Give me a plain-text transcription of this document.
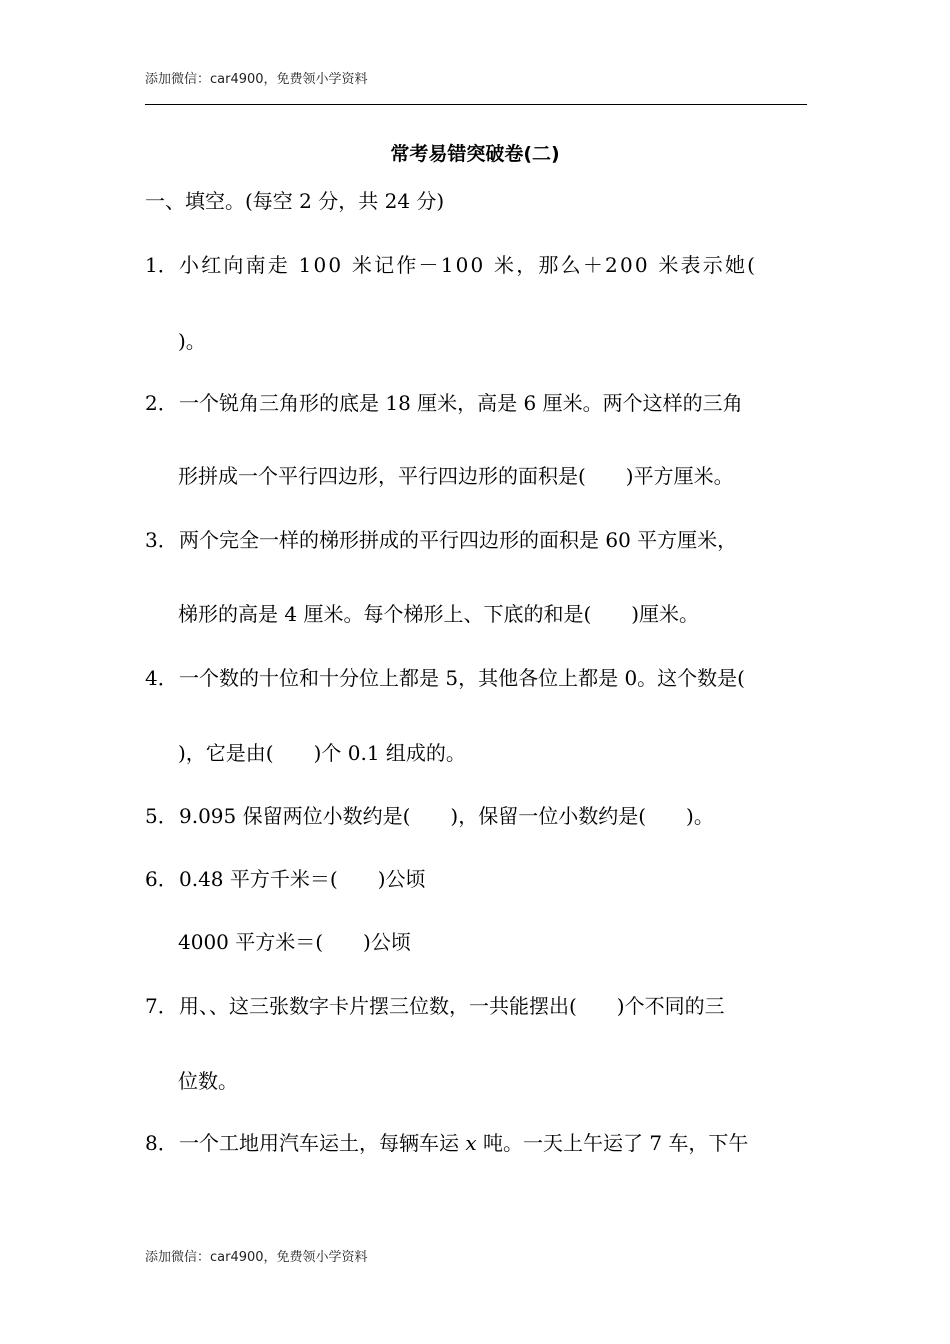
添加微信：car4900，免费领小学资料
常考易错突破卷(二)
一、填空。(每空 2 分，共 24 分)
1．小红向南走 100 米记作－100 米，那么＋200 米表示她(
)。
2．一个锐角三角形的底是 18 厘米，高是 6 厘米。两个这样的三角
形拼成一个平行四边形，平行四边形的面积是(　　)平方厘米。
3．两个完全一样的梯形拼成的平行四边形的面积是 60 平方厘米，
梯形的高是 4 厘米。每个梯形上、下底的和是(　　)厘米。
4．一个数的十位和十分位上都是 5，其他各位上都是 0。这个数是(
)，它是由(　　)个 0.1 组成的。
5．9.095 保留两位小数约是(　　)，保留一位小数约是(　　)。
6．0.48 平方千米＝(　　)公顷
4000 平方米＝(　　)公顷
7．用、、这三张数字卡片摆三位数，一共能摆出(　　)个不同的三
位数。
8．一个工地用汽车运土，每辆车运 x 吨。一天上午运了 7 车，下午
添加微信：car4900，免费领小学资料
